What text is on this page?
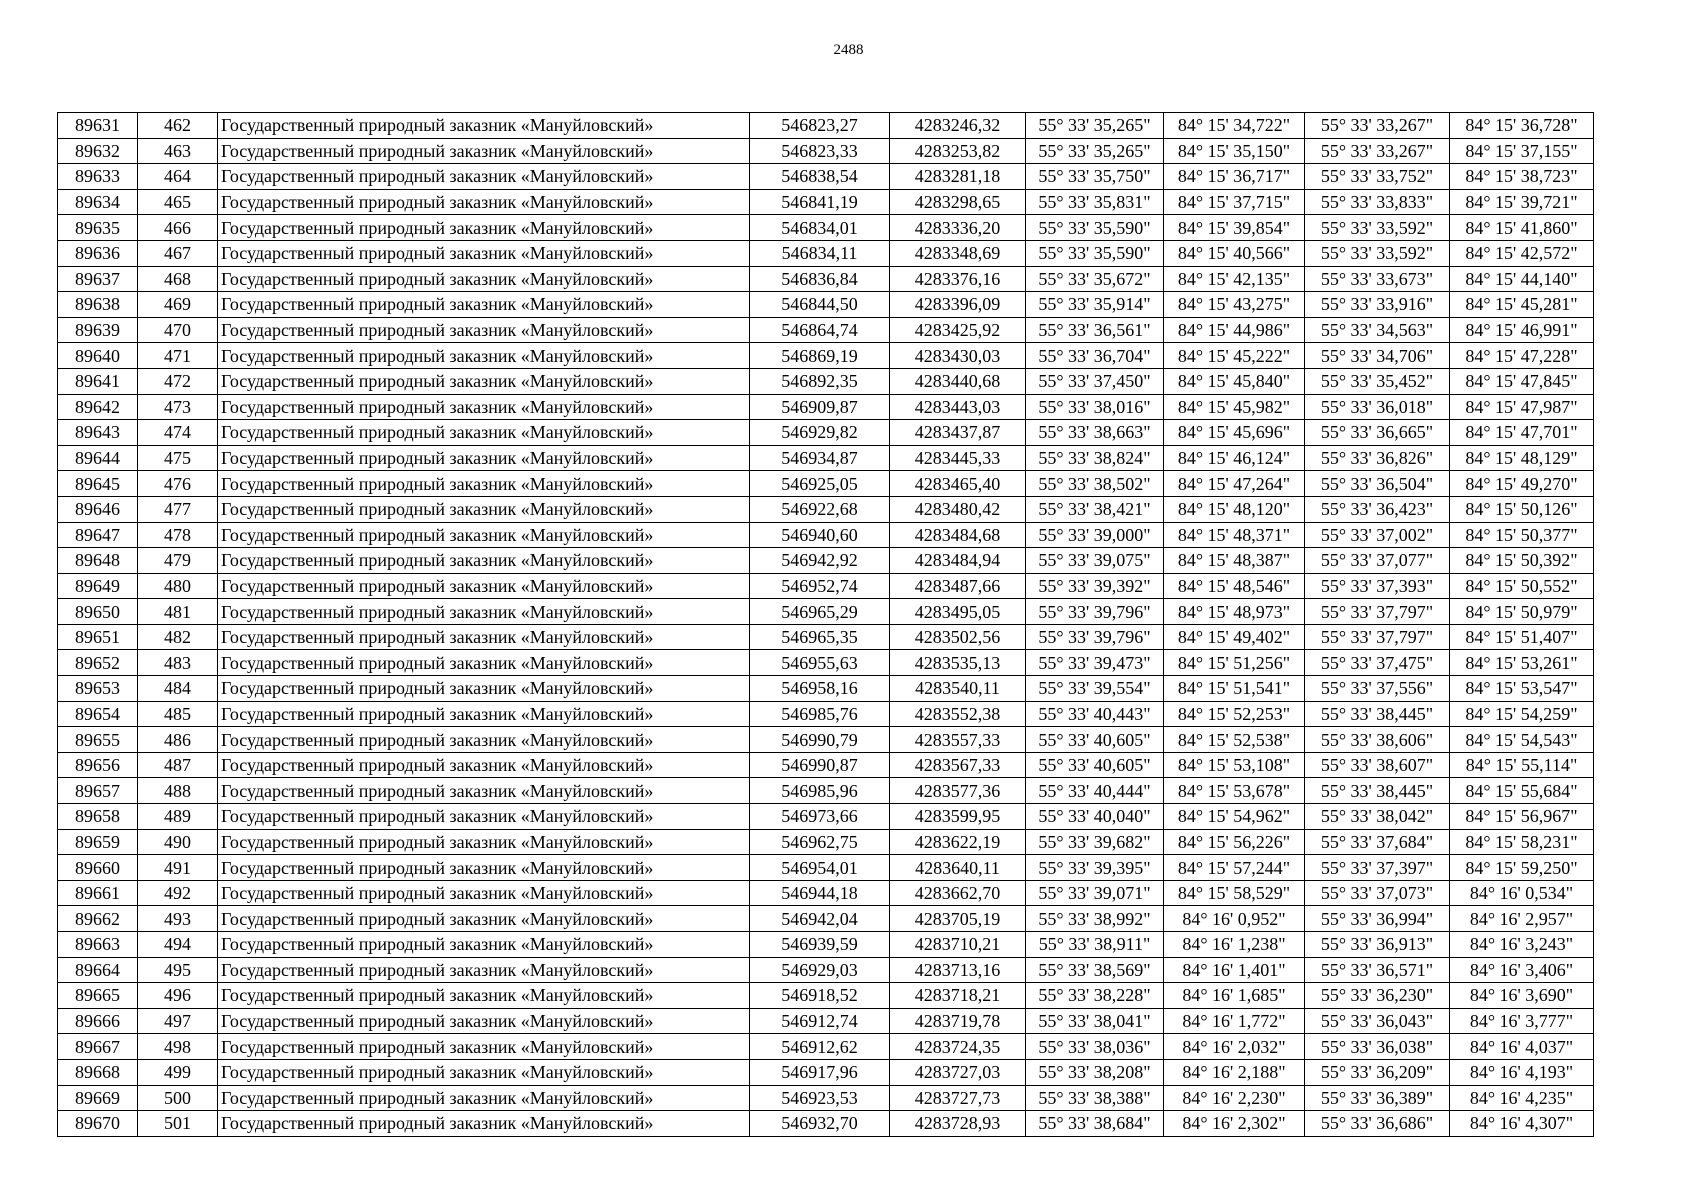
2488
89631	462	Государственный природный заказник «Мануйловский»	546823,27	4283246,32	55° 33' 35,265"	84° 15' 34,722"	55° 33' 33,267"	84° 15' 36,728"
89632	463	Государственный природный заказник «Мануйловский»	546823,33	4283253,82	55° 33' 35,265"	84° 15' 35,150"	55° 33' 33,267"	84° 15' 37,155"
89633	464	Государственный природный заказник «Мануйловский»	546838,54	4283281,18	55° 33' 35,750"	84° 15' 36,717"	55° 33' 33,752"	84° 15' 38,723"
89634	465	Государственный природный заказник «Мануйловский»	546841,19	4283298,65	55° 33' 35,831"	84° 15' 37,715"	55° 33' 33,833"	84° 15' 39,721"
89635	466	Государственный природный заказник «Мануйловский»	546834,01	4283336,20	55° 33' 35,590"	84° 15' 39,854"	55° 33' 33,592"	84° 15' 41,860"
89636	467	Государственный природный заказник «Мануйловский»	546834,11	4283348,69	55° 33' 35,590"	84° 15' 40,566"	55° 33' 33,592"	84° 15' 42,572"
89637	468	Государственный природный заказник «Мануйловский»	546836,84	4283376,16	55° 33' 35,672"	84° 15' 42,135"	55° 33' 33,673"	84° 15' 44,140"
89638	469	Государственный природный заказник «Мануйловский»	546844,50	4283396,09	55° 33' 35,914"	84° 15' 43,275"	55° 33' 33,916"	84° 15' 45,281"
89639	470	Государственный природный заказник «Мануйловский»	546864,74	4283425,92	55° 33' 36,561"	84° 15' 44,986"	55° 33' 34,563"	84° 15' 46,991"
89640	471	Государственный природный заказник «Мануйловский»	546869,19	4283430,03	55° 33' 36,704"	84° 15' 45,222"	55° 33' 34,706"	84° 15' 47,228"
89641	472	Государственный природный заказник «Мануйловский»	546892,35	4283440,68	55° 33' 37,450"	84° 15' 45,840"	55° 33' 35,452"	84° 15' 47,845"
89642	473	Государственный природный заказник «Мануйловский»	546909,87	4283443,03	55° 33' 38,016"	84° 15' 45,982"	55° 33' 36,018"	84° 15' 47,987"
89643	474	Государственный природный заказник «Мануйловский»	546929,82	4283437,87	55° 33' 38,663"	84° 15' 45,696"	55° 33' 36,665"	84° 15' 47,701"
89644	475	Государственный природный заказник «Мануйловский»	546934,87	4283445,33	55° 33' 38,824"	84° 15' 46,124"	55° 33' 36,826"	84° 15' 48,129"
89645	476	Государственный природный заказник «Мануйловский»	546925,05	4283465,40	55° 33' 38,502"	84° 15' 47,264"	55° 33' 36,504"	84° 15' 49,270"
89646	477	Государственный природный заказник «Мануйловский»	546922,68	4283480,42	55° 33' 38,421"	84° 15' 48,120"	55° 33' 36,423"	84° 15' 50,126"
89647	478	Государственный природный заказник «Мануйловский»	546940,60	4283484,68	55° 33' 39,000"	84° 15' 48,371"	55° 33' 37,002"	84° 15' 50,377"
89648	479	Государственный природный заказник «Мануйловский»	546942,92	4283484,94	55° 33' 39,075"	84° 15' 48,387"	55° 33' 37,077"	84° 15' 50,392"
89649	480	Государственный природный заказник «Мануйловский»	546952,74	4283487,66	55° 33' 39,392"	84° 15' 48,546"	55° 33' 37,393"	84° 15' 50,552"
89650	481	Государственный природный заказник «Мануйловский»	546965,29	4283495,05	55° 33' 39,796"	84° 15' 48,973"	55° 33' 37,797"	84° 15' 50,979"
89651	482	Государственный природный заказник «Мануйловский»	546965,35	4283502,56	55° 33' 39,796"	84° 15' 49,402"	55° 33' 37,797"	84° 15' 51,407"
89652	483	Государственный природный заказник «Мануйловский»	546955,63	4283535,13	55° 33' 39,473"	84° 15' 51,256"	55° 33' 37,475"	84° 15' 53,261"
89653	484	Государственный природный заказник «Мануйловский»	546958,16	4283540,11	55° 33' 39,554"	84° 15' 51,541"	55° 33' 37,556"	84° 15' 53,547"
89654	485	Государственный природный заказник «Мануйловский»	546985,76	4283552,38	55° 33' 40,443"	84° 15' 52,253"	55° 33' 38,445"	84° 15' 54,259"
89655	486	Государственный природный заказник «Мануйловский»	546990,79	4283557,33	55° 33' 40,605"	84° 15' 52,538"	55° 33' 38,606"	84° 15' 54,543"
89656	487	Государственный природный заказник «Мануйловский»	546990,87	4283567,33	55° 33' 40,605"	84° 15' 53,108"	55° 33' 38,607"	84° 15' 55,114"
89657	488	Государственный природный заказник «Мануйловский»	546985,96	4283577,36	55° 33' 40,444"	84° 15' 53,678"	55° 33' 38,445"	84° 15' 55,684"
89658	489	Государственный природный заказник «Мануйловский»	546973,66	4283599,95	55° 33' 40,040"	84° 15' 54,962"	55° 33' 38,042"	84° 15' 56,967"
89659	490	Государственный природный заказник «Мануйловский»	546962,75	4283622,19	55° 33' 39,682"	84° 15' 56,226"	55° 33' 37,684"	84° 15' 58,231"
89660	491	Государственный природный заказник «Мануйловский»	546954,01	4283640,11	55° 33' 39,395"	84° 15' 57,244"	55° 33' 37,397"	84° 15' 59,250"
89661	492	Государственный природный заказник «Мануйловский»	546944,18	4283662,70	55° 33' 39,071"	84° 15' 58,529"	55° 33' 37,073"	84° 16' 0,534"
89662	493	Государственный природный заказник «Мануйловский»	546942,04	4283705,19	55° 33' 38,992"	84° 16' 0,952"	55° 33' 36,994"	84° 16' 2,957"
89663	494	Государственный природный заказник «Мануйловский»	546939,59	4283710,21	55° 33' 38,911"	84° 16' 1,238"	55° 33' 36,913"	84° 16' 3,243"
89664	495	Государственный природный заказник «Мануйловский»	546929,03	4283713,16	55° 33' 38,569"	84° 16' 1,401"	55° 33' 36,571"	84° 16' 3,406"
89665	496	Государственный природный заказник «Мануйловский»	546918,52	4283718,21	55° 33' 38,228"	84° 16' 1,685"	55° 33' 36,230"	84° 16' 3,690"
89666	497	Государственный природный заказник «Мануйловский»	546912,74	4283719,78	55° 33' 38,041"	84° 16' 1,772"	55° 33' 36,043"	84° 16' 3,777"
89667	498	Государственный природный заказник «Мануйловский»	546912,62	4283724,35	55° 33' 38,036"	84° 16' 2,032"	55° 33' 36,038"	84° 16' 4,037"
89668	499	Государственный природный заказник «Мануйловский»	546917,96	4283727,03	55° 33' 38,208"	84° 16' 2,188"	55° 33' 36,209"	84° 16' 4,193"
89669	500	Государственный природный заказник «Мануйловский»	546923,53	4283727,73	55° 33' 38,388"	84° 16' 2,230"	55° 33' 36,389"	84° 16' 4,235"
89670	501	Государственный природный заказник «Мануйловский»	546932,70	4283728,93	55° 33' 38,684"	84° 16' 2,302"	55° 33' 36,686"	84° 16' 4,307"
